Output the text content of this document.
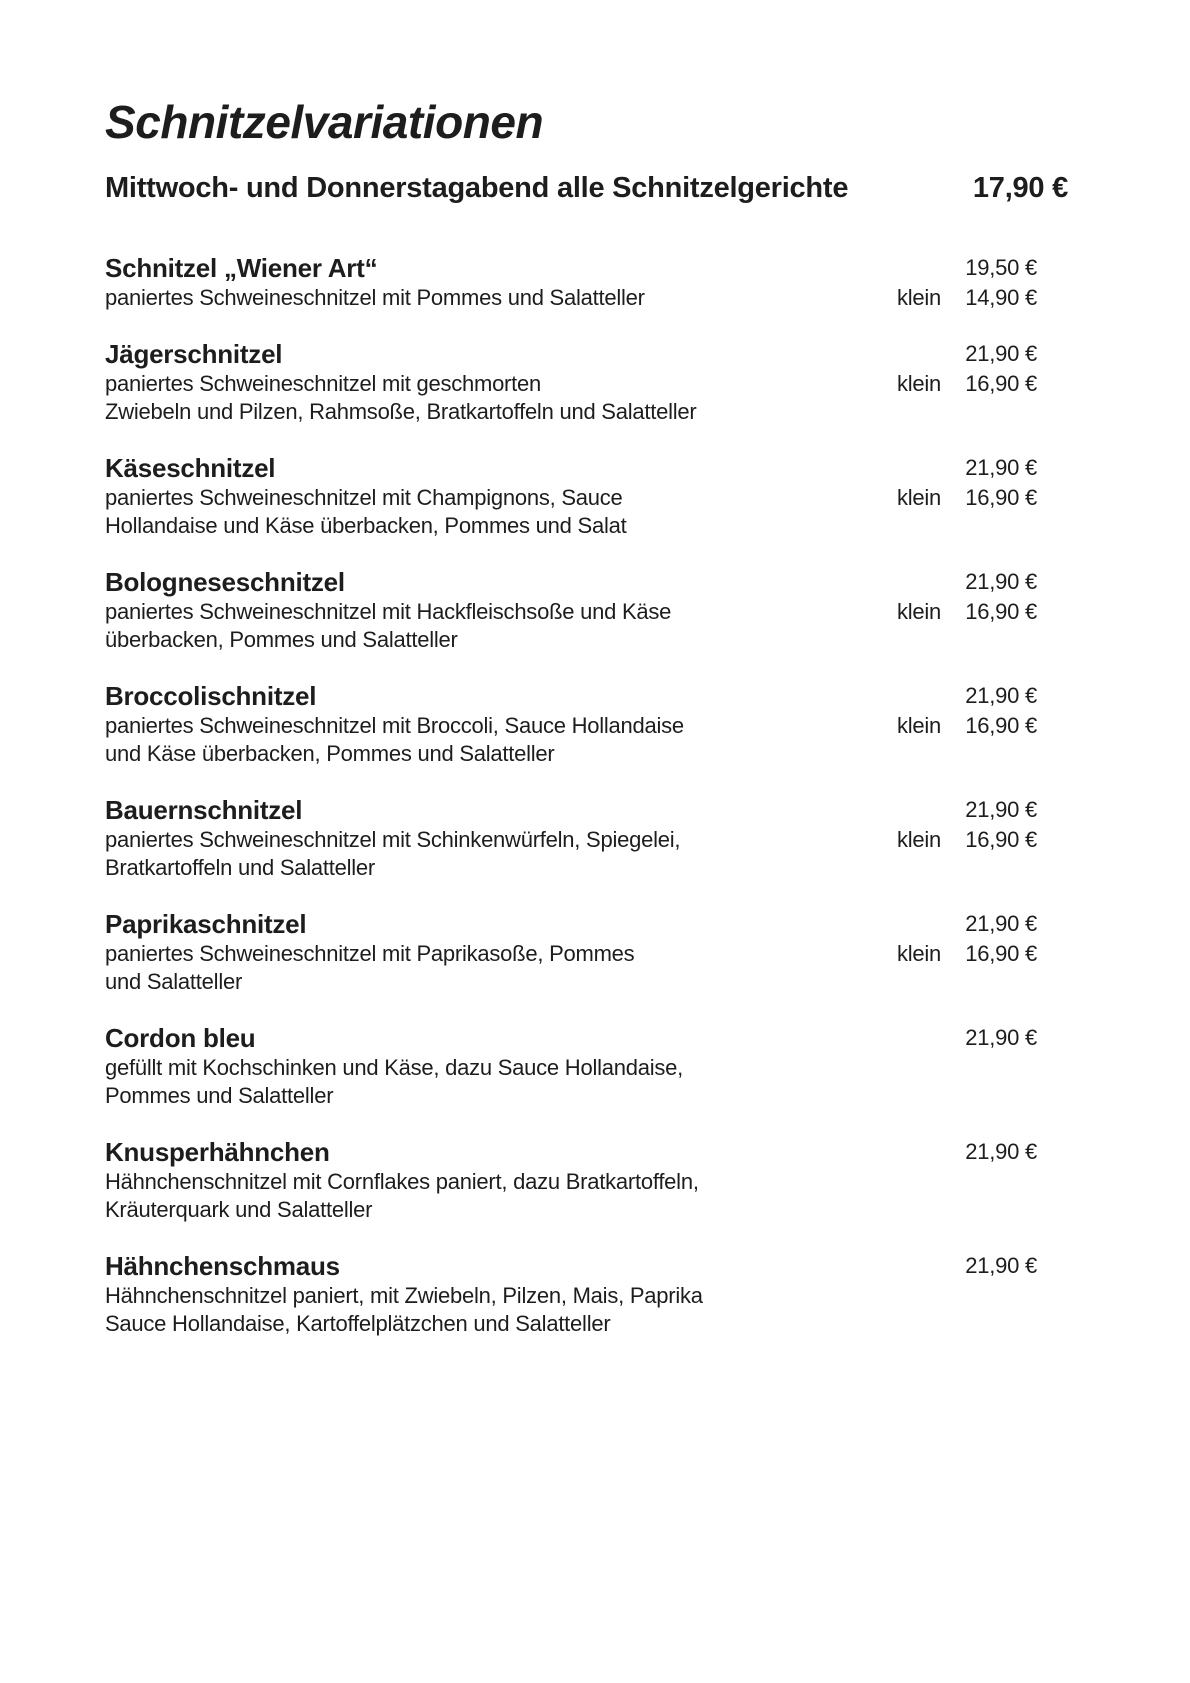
Schnitzelvariationen
Mittwoch- und Donnerstagabend alle Schnitzelgerichte	17,90 €
Schnitzel „Wiener Art“

paniertes Schweineschnitzel mit Pommes und Salatteller

19,50 €
klein 14,90 €
Jägerschnitzel

paniertes Schweineschnitzel mit geschmorten

Zwiebeln und Pilzen, Rahmsoße, Bratkartoffeln und Salatteller

21,90 €
klein 16,90 €
Käseschnitzel

paniertes Schweineschnitzel mit Champignons, Sauce

Hollandaise und Käse überbacken, Pommes und Salat

21,90 €
klein 16,90 €
Bologneseschnitzel

paniertes Schweineschnitzel mit Hackfleischsoße und Käse

überbacken, Pommes und Salatteller

21,90 €
klein 16,90 €
Broccolischnitzel

paniertes Schweineschnitzel mit Broccoli, Sauce Hollandaise

und Käse überbacken, Pommes und Salatteller

21,90 €
klein 16,90 €
Bauernschnitzel

paniertes Schweineschnitzel mit Schinkenwürfeln, Spiegelei,

Bratkartoffeln und Salatteller

21,90 €
klein 16,90 €
Paprikaschnitzel

paniertes Schweineschnitzel mit Paprikasoße, Pommes

und Salatteller

21,90 €
klein 16,90 €
Cordon bleu

gefüllt mit Kochschinken und Käse, dazu Sauce Hollandaise,

Pommes und Salatteller

21,90 €
Knusperhähnchen

Hähnchenschnitzel mit Cornflakes paniert, dazu Bratkartoffeln,

Kräuterquark und Salatteller

21,90 €
Hähnchenschmaus

Hähnchenschnitzel paniert, mit Zwiebeln, Pilzen, Mais, Paprika

Sauce Hollandaise, Kartoffelplätzchen und Salatteller

21,90 €
